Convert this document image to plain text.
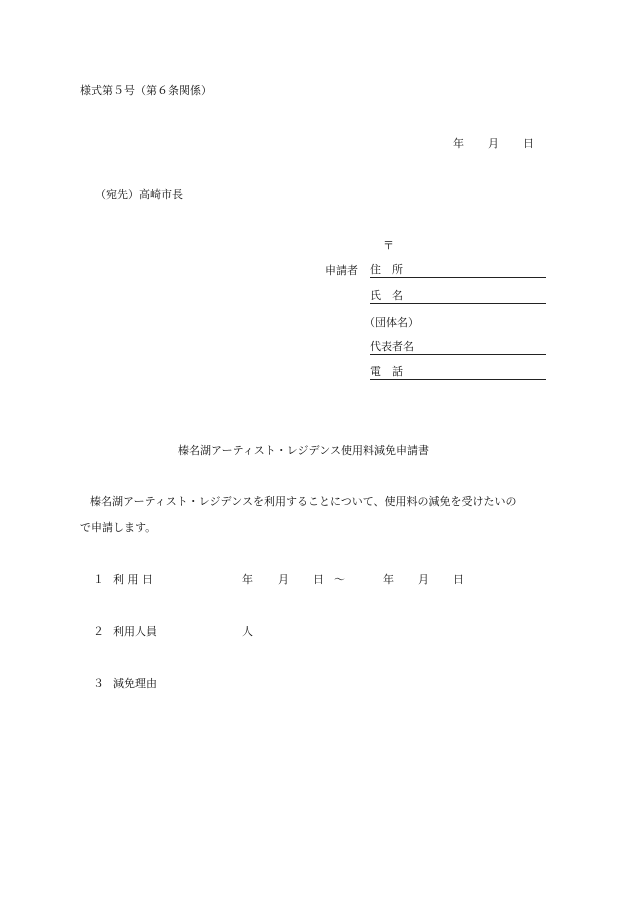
様式第５号（第６条関係）
年 月 日
（宛先）高崎市長
〒
申請者 住　所
氏　名
（団体名）
代表者名
電　話
榛名湖アーティスト・レジデンス使用料減免申請書
榛名湖アーティスト・レジデンスを利用することについて、使用料の減免を受けたいの
で申請します。
１ 利 用 日	年 月 日 ～	年 月 日
２ 利用人員	人
３ 減免理由
